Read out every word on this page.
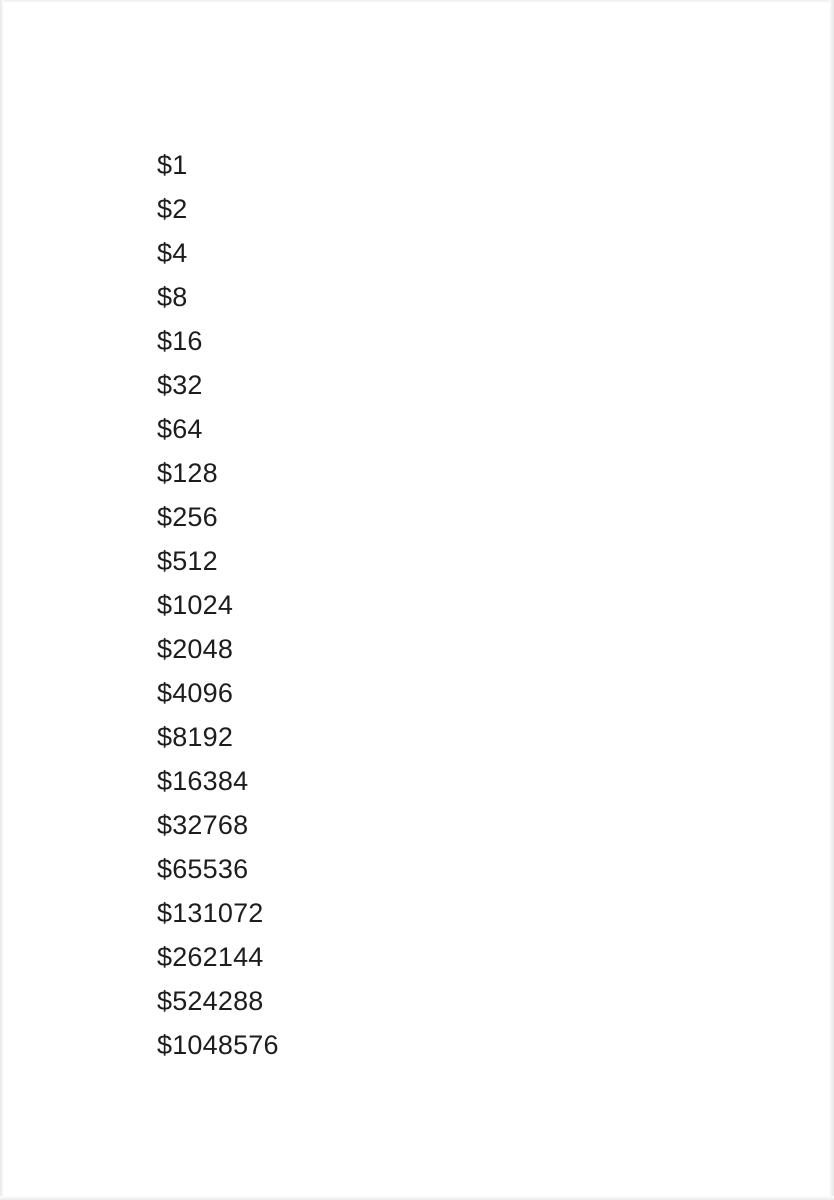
$1
$2
$4
$8
$16
$32
$64
$128
$256
$512
$1024
$2048
$4096
$8192
$16384
$32768
$65536
$131072
$262144
$524288
$1048576
